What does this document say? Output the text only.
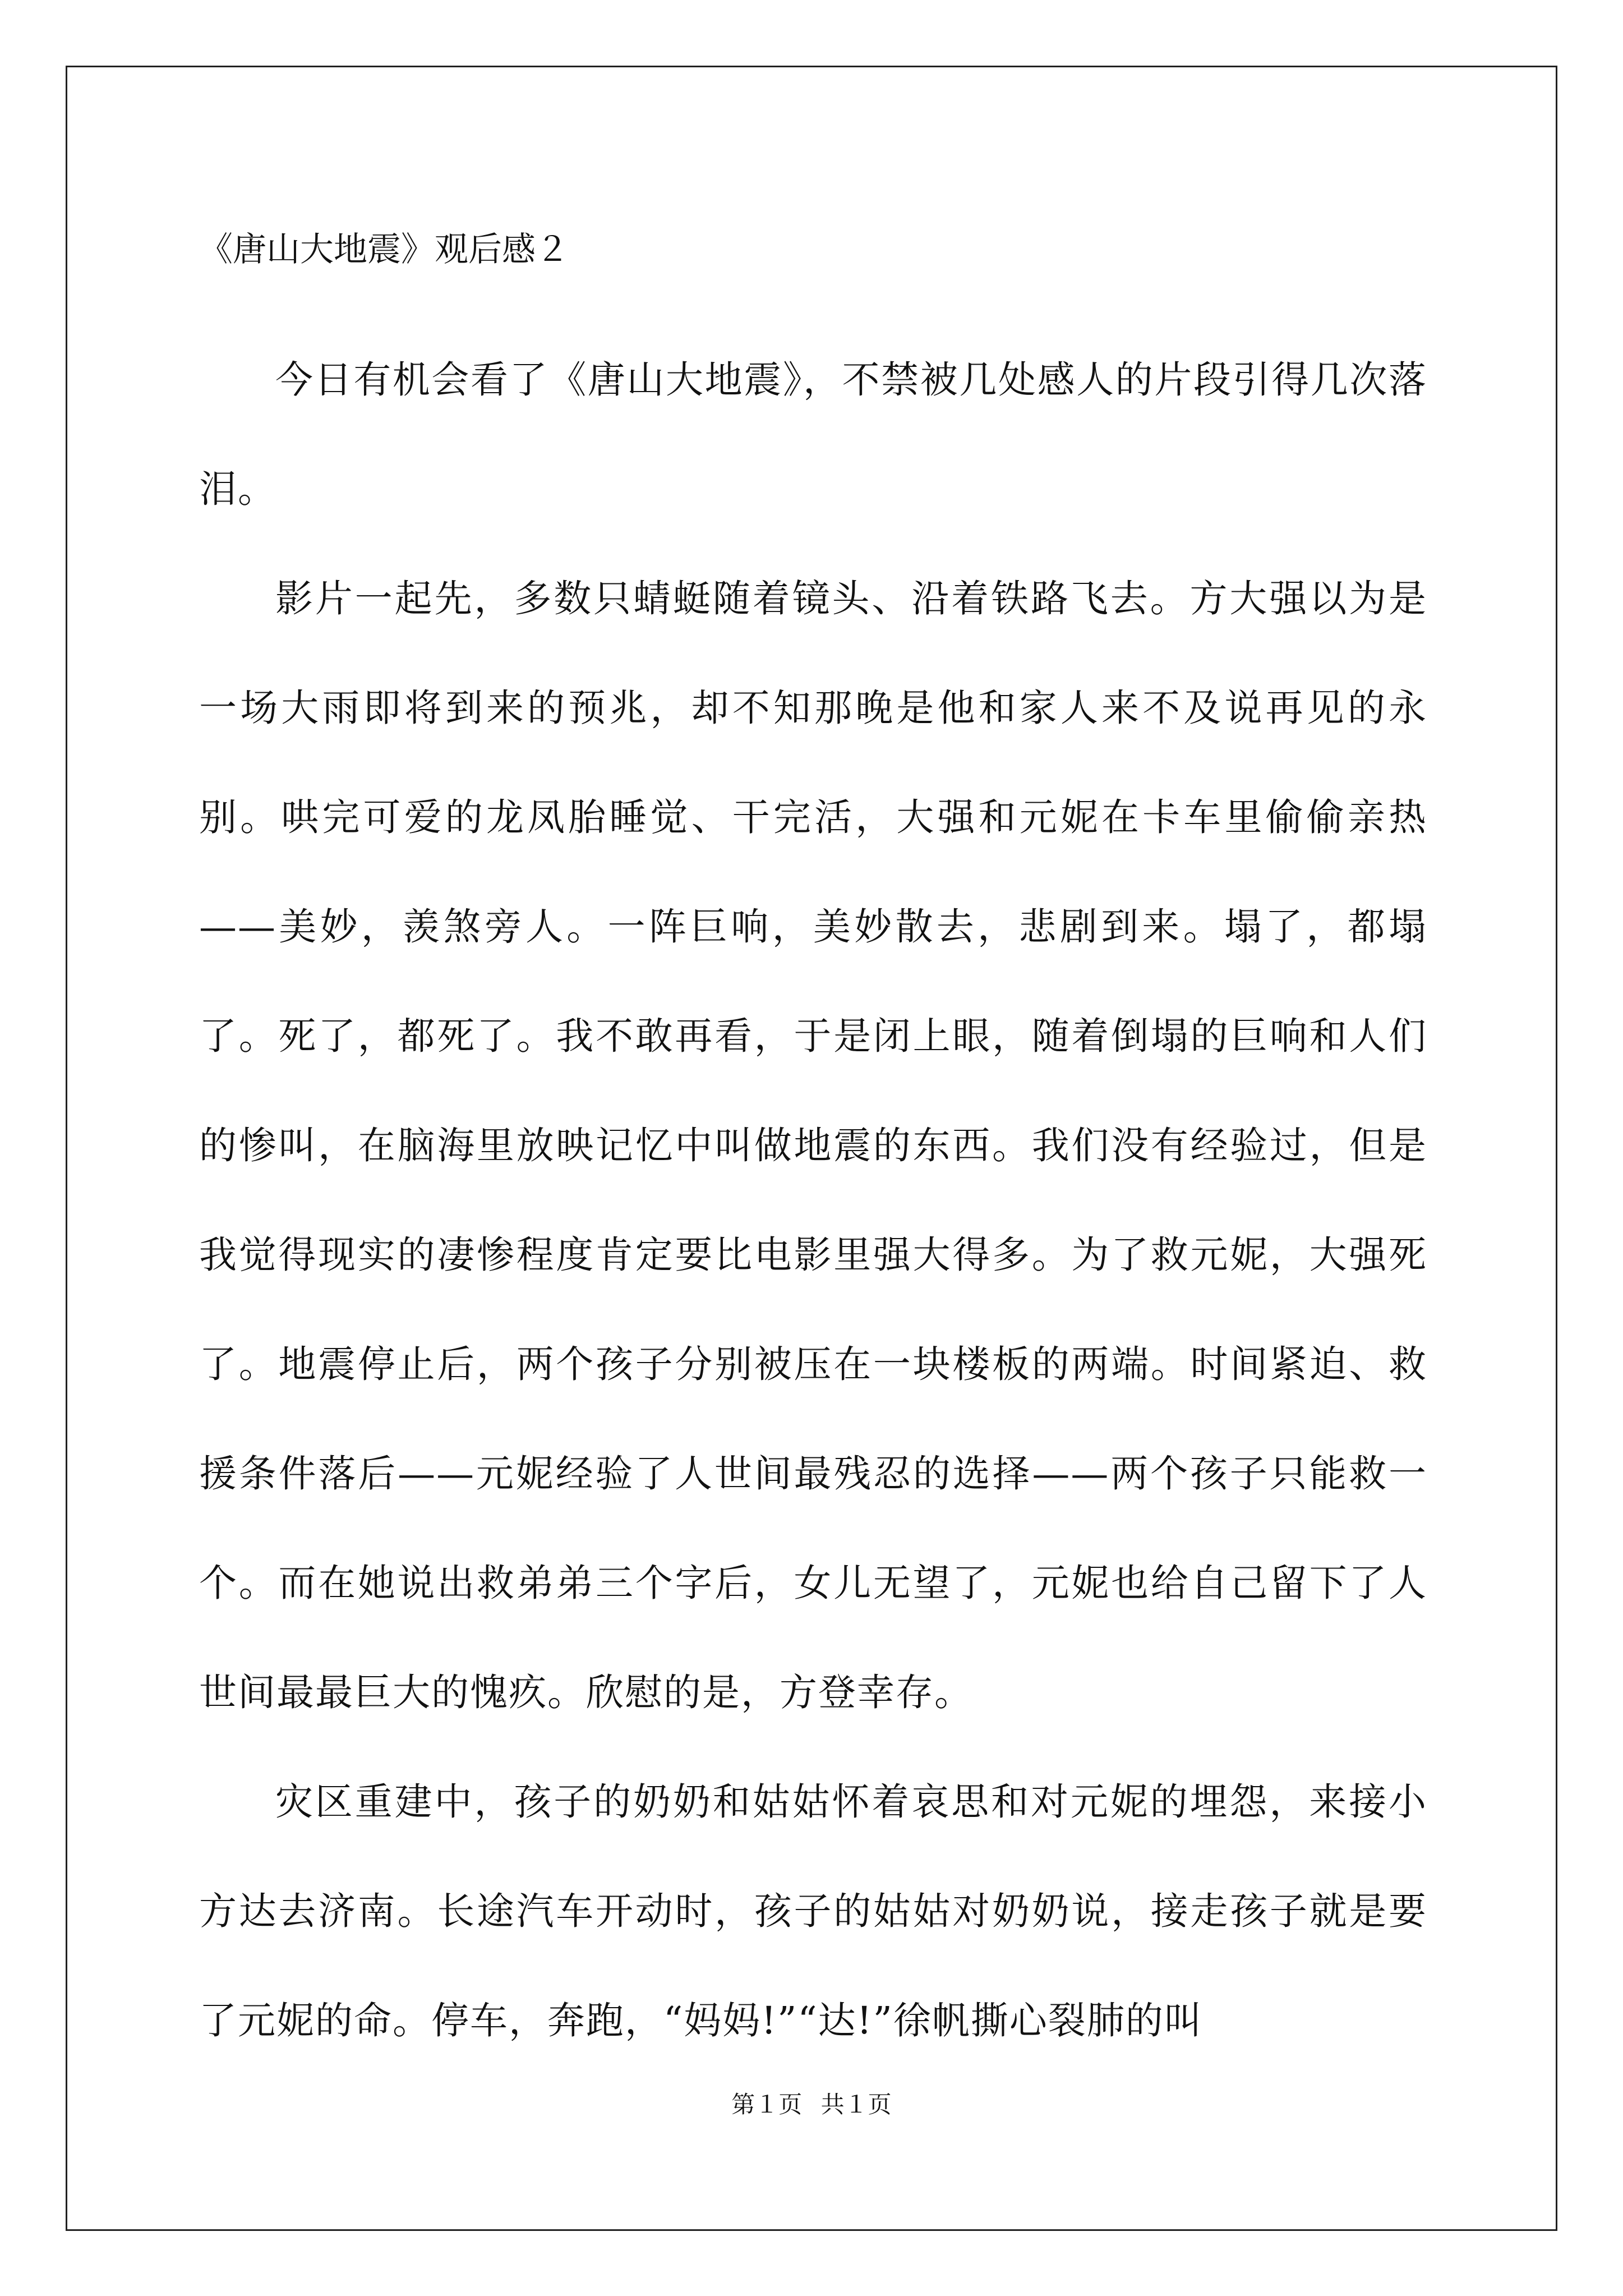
《唐山大地震》观后感２

今日有机会看了《唐山大地震》，不禁被几处感人的片段引得几次落泪。

影片一起先，多数只蜻蜓随着镜头、沿着铁路飞去。方大强以为是一场大雨即将到来的预兆，却不知那晚是他和家人来不及说再见的永别。哄完可爱的龙凤胎睡觉、干完活，大强和元妮在卡车里偷偷亲热——美妙，羡煞旁人。一阵巨响，美妙散去，悲剧到来。塌了，都塌了。死了，都死了。我不敢再看，于是闭上眼，随着倒塌的巨响和人们的惨叫，在脑海里放映记忆中叫做地震的东西。我们没有经验过，但是我觉得现实的凄惨程度肯定要比电影里强大得多。为了救元妮，大强死了。地震停止后，两个孩子分别被压在一块楼板的两端。时间紧迫、救援条件落后——元妮经验了人世间最残忍的选择——两个孩子只能救一个。而在她说出救弟弟三个字后，女儿无望了，元妮也给自己留下了人世间最最巨大的愧疚。欣慰的是，方登幸存。

灾区重建中，孩子的奶奶和姑姑怀着哀思和对元妮的埋怨，来接小方达去济南。长途汽车开动时，孩子的姑姑对奶奶说，接走孩子就是要了元妮的命。停车，奔跑，“妈妈!”“达!”徐帆撕心裂肺的叫

第１页 共１页
